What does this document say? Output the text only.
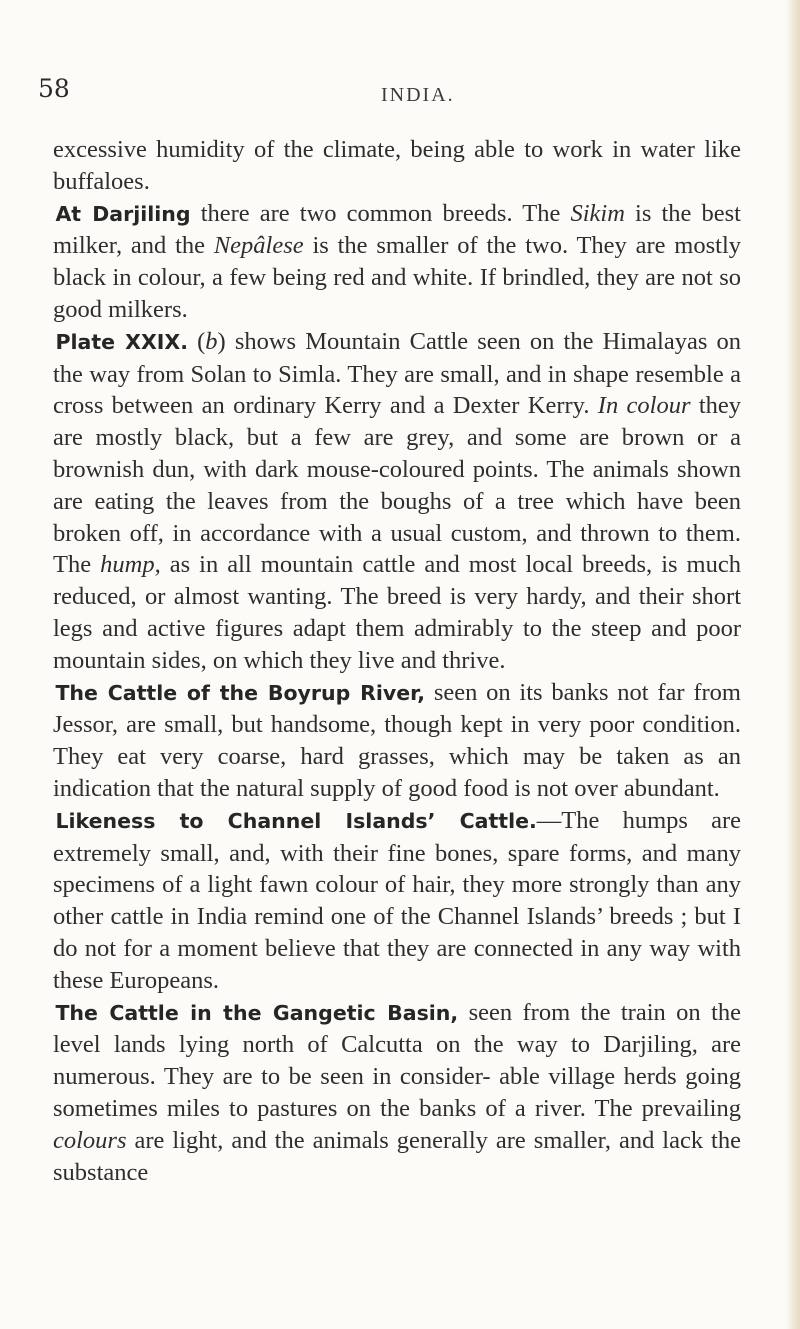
58	INDIA.

excessive humidity of the climate, being able to work in water like buffaloes.

At Darjiling there are two common breeds. The Sikim is the best milker, and the Nepâlese is the smaller of the two. They are mostly black in colour, a few being red and white. If brindled, they are not so good milkers.

Plate XXIX. (b) shows Mountain Cattle seen on the Himalayas on the way from Solan to Simla. They are small, and in shape resemble a cross between an ordinary Kerry and a Dexter Kerry. In colour they are mostly black, but a few are grey, and some are brown or a brownish dun, with dark mouse-coloured points. The animals shown are eating the leaves from the boughs of a tree which have been broken off, in accordance with a usual custom, and thrown to them. The hump, as in all mountain cattle and most local breeds, is much reduced, or almost wanting. The breed is very hardy, and their short legs and active figures adapt them admirably to the steep and poor mountain sides, on which they live and thrive.

The Cattle of the Boyrup River, seen on its banks not far from Jessor, are small, but handsome, though kept in very poor condition. They eat very coarse, hard grasses, which may be taken as an indication that the natural supply of good food is not over abundant.

Likeness to Channel Islands’ Cattle.—The humps are extremely small, and, with their fine bones, spare forms, and many specimens of a light fawn colour of hair, they more strongly than any other cattle in India remind one of the Channel Islands’ breeds ; but I do not for a moment believe that they are connected in any way with these Europeans.

The Cattle in the Gangetic Basin, seen from the train on the level lands lying north of Calcutta on the way to Darjiling, are numerous. They are to be seen in consider- able village herds going sometimes miles to pastures on the banks of a river. The prevailing colours are light, and the animals generally are smaller, and lack the substance
